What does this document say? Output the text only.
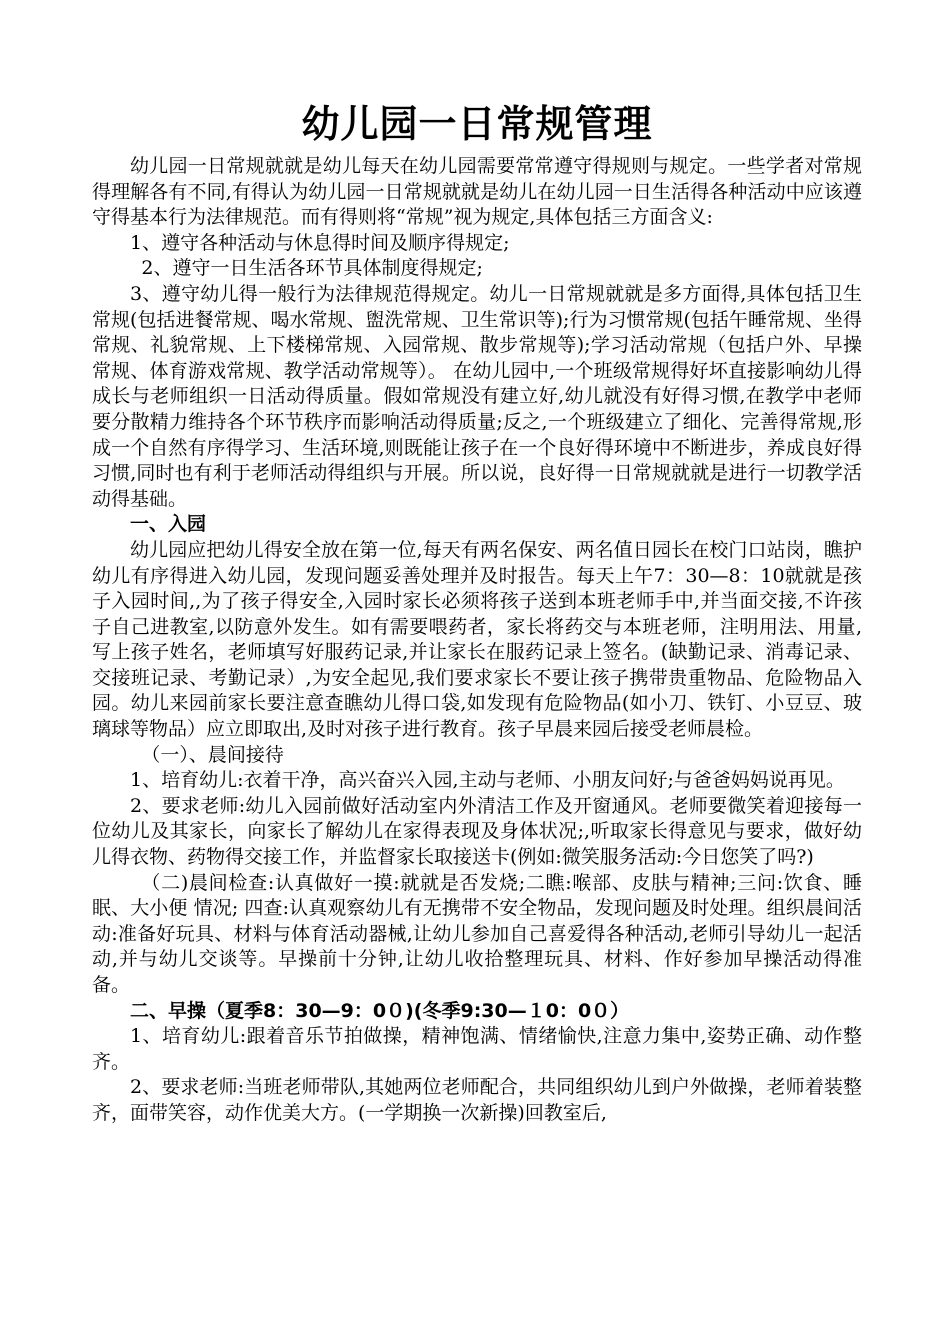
幼儿园一日常规管理

幼儿园一日常规就就是幼儿每天在幼儿园需要常常遵守得规则与规定。一些学者对常规得理解各有不同,有得认为幼儿园一日常规就就是幼儿在幼儿园一日生活得各种活动中应该遵守得基本行为法律规范。而有得则将“常规”视为规定,具体包括三方面含义:

1、遵守各种活动与休息得时间及顺序得规定;

2、遵守一日生活各环节具体制度得规定;

3、遵守幼儿得一般行为法律规范得规定。幼儿一日常规就就是多方面得,具体包括卫生常规(包括进餐常规、喝水常规、盥洗常规、卫生常识等);行为习惯常规(包括午睡常规、坐得常规、礼貌常规、上下楼梯常规、入园常规、散步常规等);学习活动常规（包括户外、早操常规、体育游戏常规、教学活动常规等）。 在幼儿园中,一个班级常规得好坏直接影响幼儿得成长与老师组织一日活动得质量。假如常规没有建立好,幼儿就没有好得习惯,在教学中老师要分散精力维持各个环节秩序而影响活动得质量;反之,一个班级建立了细化、完善得常规,形成一个自然有序得学习、生活环境,则既能让孩子在一个良好得环境中不断进步，养成良好得习惯,同时也有利于老师活动得组织与开展。所以说，良好得一日常规就就是进行一切教学活动得基础。

一、入园

幼儿园应把幼儿得安全放在第一位,每天有两名保安、两名值日园长在校门口站岗，瞧护幼儿有序得进入幼儿园，发现问题妥善处理并及时报告。每天上午7：30—8：10就就是孩子入园时间,,为了孩子得安全,入园时家长必须将孩子送到本班老师手中,并当面交接,不许孩子自己进教室,以防意外发生。如有需要喂药者，家长将药交与本班老师，注明用法、用量,写上孩子姓名，老师填写好服药记录,并让家长在服药记录上签名。(缺勤记录、消毒记录、交接班记录、考勤记录）,为安全起见,我们要求家长不要让孩子携带贵重物品、危险物品入园。幼儿来园前家长要注意查瞧幼儿得口袋,如发现有危险物品(如小刀、铁钉、小豆豆、玻璃球等物品）应立即取出,及时对孩子进行教育。孩子早晨来园后接受老师晨检。

（一）、晨间接待

1、培育幼儿:衣着干净，高兴奋兴入园,主动与老师、小朋友问好;与爸爸妈妈说再见。

2、要求老师:幼儿入园前做好活动室内外清洁工作及开窗通风。老师要微笑着迎接每一位幼儿及其家长，向家长了解幼儿在家得表现及身体状况;,听取家长得意见与要求，做好幼儿得衣物、药物得交接工作，并监督家长取接送卡(例如:微笑服务活动:今日您笑了吗?)

（二)晨间检查:认真做好一摸:就就是否发烧;二瞧:喉部、皮肤与精神;三问:饮食、睡眠、大小便 情况; 四查:认真观察幼儿有无携带不安全物品，发现问题及时处理。组织晨间活动:准备好玩具、材料与体育活动器械,让幼儿参加自己喜爱得各种活动,老师引导幼儿一起活动,并与幼儿交谈等。早操前十分钟,让幼儿收拾整理玩具、材料、作好参加早操活动得准备。

二、早操（夏季8：30—9：0０)(冬季9:30—１0：0０）

1、培育幼儿:跟着音乐节拍做操，精神饱满、情绪愉快,注意力集中,姿势正确、动作整齐。

2、要求老师:当班老师带队,其她两位老师配合，共同组织幼儿到户外做操，老师着装整齐，面带笑容，动作优美大方。(一学期换一次新操)回教室后,
